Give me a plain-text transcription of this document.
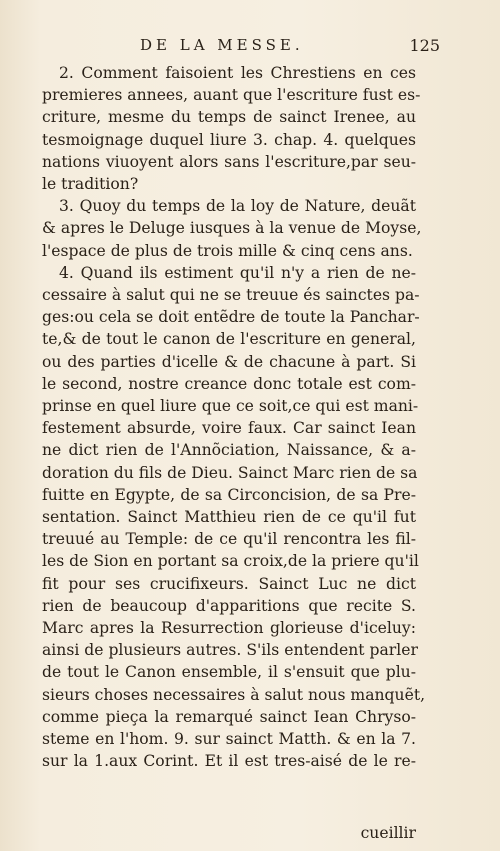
DE LA MESSE.	125
2. Comment faisoient les Chrestiens en ces
premieres annees, auant que l'escriture fust es-
criture, mesme du temps de sainct Irenee, au
tesmoignage duquel liure 3. chap. 4. quelques
nations viuoyent alors sans l'escriture,par seu-
le tradition?
3. Quoy du temps de la loy de Nature, deuãt
& apres le Deluge iusques à la venue de Moyse,
l'espace de plus de trois mille & cinq cens ans.
4. Quand ils estiment qu'il n'y a rien de ne-
cessaire à salut qui ne se treuue és sainctes pa-
ges:ou cela se doit entẽdre de toute la Panchar-
te,& de tout le canon de l'escriture en general,
ou des parties d'icelle & de chacune à part. Si
le second, nostre creance donc totale est com-
prinse en quel liure que ce soit,ce qui est mani-
festement absurde, voire faux. Car sainct Iean
ne dict rien de l'Annõciation, Naissance, & a-
doration du fils de Dieu. Sainct Marc rien de sa
fuitte en Egypte, de sa Circoncision, de sa Pre-
sentation. Sainct Matthieu rien de ce qu'il fut
treuué au Temple: de ce qu'il rencontra les fil-
les de Sion en portant sa croix,de la priere qu'il
fit pour ses crucifixeurs. Sainct Luc ne dict
rien de beaucoup d'apparitions que recite S.
Marc apres la Resurrection glorieuse d'iceluy:
ainsi de plusieurs autres. S'ils entendent parler
de tout le Canon ensemble, il s'ensuit que plu-
sieurs choses necessaires à salut nous manquẽt,
comme pieça la remarqué sainct Iean Chryso-
steme en l'hom. 9. sur sainct Matth. & en la 7.
sur la 1.aux Corint. Et il est tres-aisé de le re-
cueillir
